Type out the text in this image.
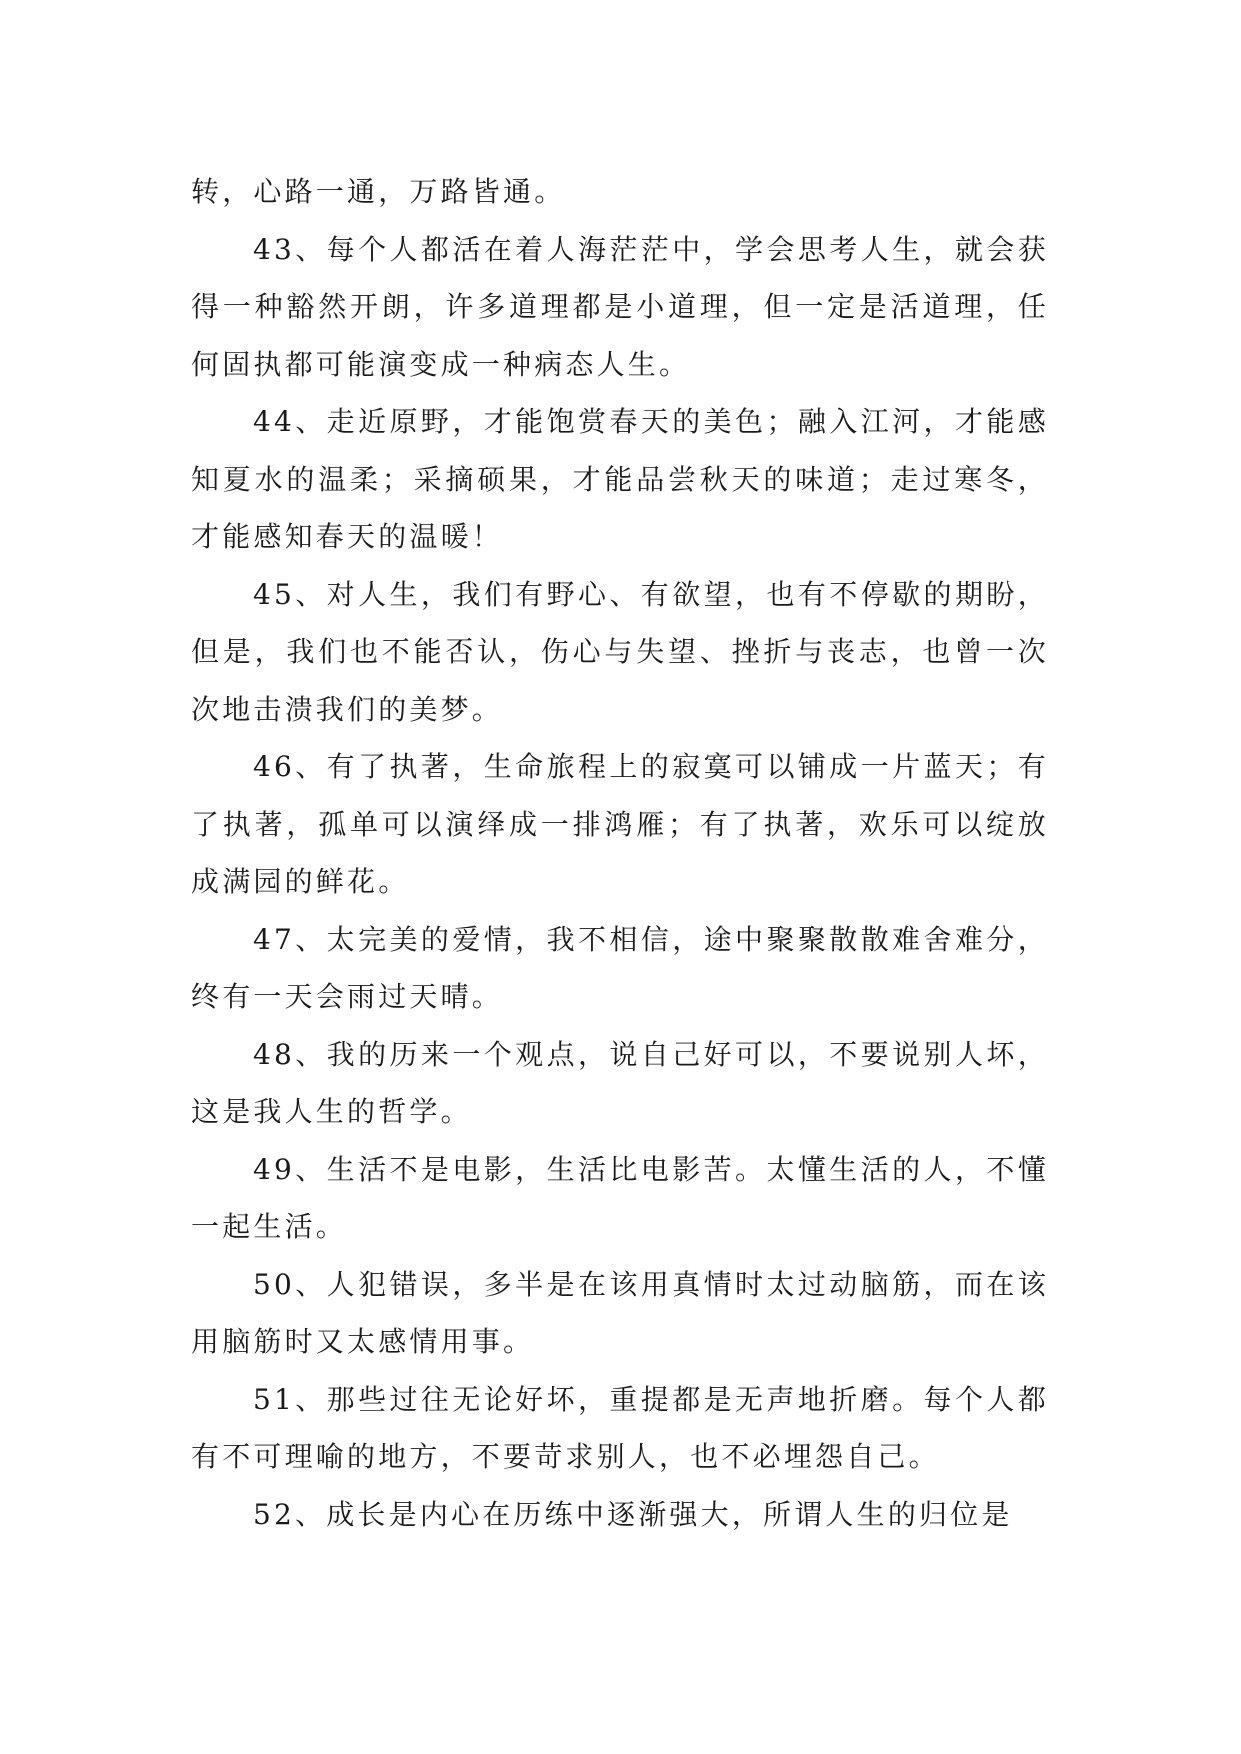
转，心路一通，万路皆通。

43、每个人都活在着人海茫茫中，学会思考人生，就会获得一种豁然开朗，许多道理都是小道理，但一定是活道理，任何固执都可能演变成一种病态人生。

44、走近原野，才能饱赏春天的美色；融入江河，才能感知夏水的温柔；采摘硕果，才能品尝秋天的味道；走过寒冬，才能感知春天的温暖！

45、对人生，我们有野心、有欲望，也有不停歇的期盼，但是，我们也不能否认，伤心与失望、挫折与丧志，也曾一次次地击溃我们的美梦。

46、有了执著，生命旅程上的寂寞可以铺成一片蓝天；有了执著，孤单可以演绎成一排鸿雁；有了执著，欢乐可以绽放成满园的鲜花。

47、太完美的爱情，我不相信，途中聚聚散散难舍难分，终有一天会雨过天晴。

48、我的历来一个观点，说自己好可以，不要说别人坏，这是我人生的哲学。

49、生活不是电影，生活比电影苦。太懂生活的人，不懂一起生活。

50、人犯错误，多半是在该用真情时太过动脑筋，而在该用脑筋时又太感情用事。

51、那些过往无论好坏，重提都是无声地折磨。每个人都有不可理喻的地方，不要苛求别人，也不必埋怨自己。

52、成长是内心在历练中逐渐强大，所谓人生的归位是
